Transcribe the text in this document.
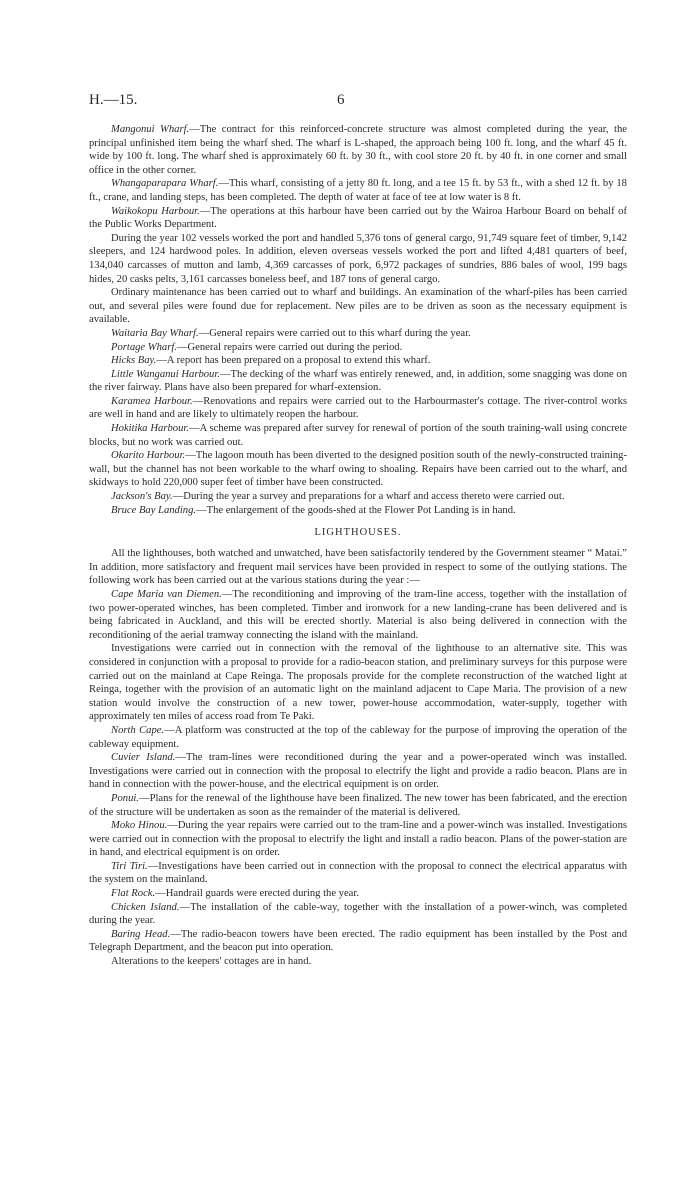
H.—15.	6

Mangonui Wharf.—The contract for this reinforced-concrete structure was almost completed during the year, the principal unfinished item being the wharf shed. The wharf is L-shaped, the approach being 100 ft. long, and the wharf 45 ft. wide by 100 ft. long. The wharf shed is approximately 60 ft. by 30 ft., with cool store 20 ft. by 40 ft. in one corner and small office in the other corner.

Whangaparapara Wharf.—This wharf, consisting of a jetty 80 ft. long, and a tee 15 ft. by 53 ft., with a shed 12 ft. by 18 ft., crane, and landing steps, has been completed. The depth of water at face of tee at low water is 8 ft.

Waikokopu Harbour.—The operations at this harbour have been carried out by the Wairoa Harbour Board on behalf of the Public Works Department.

During the year 102 vessels worked the port and handled 5,376 tons of general cargo, 91,749 square feet of timber, 9,142 sleepers, and 124 hardwood poles. In addition, eleven overseas vessels worked the port and lifted 4,481 quarters of beef, 134,040 carcasses of mutton and lamb, 4,369 carcasses of pork, 6,972 packages of sundries, 886 bales of wool, 199 bags hides, 20 casks pelts, 3,161 carcasses boneless beef, and 187 tons of general cargo.

Ordinary maintenance has been carried out to wharf and buildings. An examination of the wharf-piles has been carried out, and several piles were found due for replacement. New piles are to be driven as soon as the necessary equipment is available.

Waitaria Bay Wharf.—General repairs were carried out to this wharf during the year.

Portage Wharf.—General repairs were carried out during the period.

Hicks Bay.—A report has been prepared on a proposal to extend this wharf.

Little Wanganui Harbour.—The decking of the wharf was entirely renewed, and, in addition, some snagging was done on the river fairway. Plans have also been prepared for wharf-extension.

Karamea Harbour.—Renovations and repairs were carried out to the Harbourmaster's cottage. The river-control works are well in hand and are likely to ultimately reopen the harbour.

Hokitika Harbour.—A scheme was prepared after survey for renewal of portion of the south training-wall using concrete blocks, but no work was carried out.

Okarito Harbour.—The lagoon mouth has been diverted to the designed position south of the newly-constructed training-wall, but the channel has not been workable to the wharf owing to shoaling. Repairs have been carried out to the wharf, and skidways to hold 220,000 super feet of timber have been constructed.

Jackson's Bay.—During the year a survey and preparations for a wharf and access thereto were carried out.

Bruce Bay Landing.—The enlargement of the goods-shed at the Flower Pot Landing is in hand.

LIGHTHOUSES.

All the lighthouses, both watched and unwatched, have been satisfactorily tendered by the Government steamer “ Matai.” In addition, more satisfactory and frequent mail services have been provided in respect to some of the outlying stations. The following work has been carried out at the various stations during the year :—

Cape Maria van Diemen.—The reconditioning and improving of the tram-line access, together with the installation of two power-operated winches, has been completed. Timber and ironwork for a new landing-crane has been delivered and is being fabricated in Auckland, and this will be erected shortly. Material is also being delivered in connection with the reconditioning of the aerial tramway connecting the island with the mainland.

Investigations were carried out in connection with the removal of the lighthouse to an alternative site. This was considered in conjunction with a proposal to provide for a radio-beacon station, and preliminary surveys for this purpose were carried out on the mainland at Cape Reinga. The proposals provide for the complete reconstruction of the watched light at Reinga, together with the provision of an automatic light on the mainland adjacent to Cape Maria. The provision of a new station would involve the construction of a new tower, power-house accommodation, water-supply, together with approximately ten miles of access road from Te Paki.

North Cape.—A platform was constructed at the top of the cableway for the purpose of improving the operation of the cableway equipment.

Cuvier Island.—The tram-lines were reconditioned during the year and a power-operated winch was installed. Investigations were carried out in connection with the proposal to electrify the light and provide a radio beacon. Plans are in hand in connection with the power-house, and the electrical equipment is on order.

Ponui.—Plans for the renewal of the lighthouse have been finalized. The new tower has been fabricated, and the erection of the structure will be undertaken as soon as the remainder of the material is delivered.

Moko Hinou.—During the year repairs were carried out to the tram-line and a power-winch was installed. Investigations were carried out in connection with the proposal to electrify the light and install a radio beacon. Plans of the power-station are in hand, and electrical equipment is on order.

Tiri Tiri.—Investigations have been carried out in connection with the proposal to connect the electrical apparatus with the system on the mainland.

Flat Rock.—Handrail guards were erected during the year.

Chicken Island.—The installation of the cable-way, together with the installation of a power-winch, was completed during the year.

Baring Head.—The radio-beacon towers have been erected. The radio equipment has been installed by the Post and Telegraph Department, and the beacon put into operation.

Alterations to the keepers' cottages are in hand.
